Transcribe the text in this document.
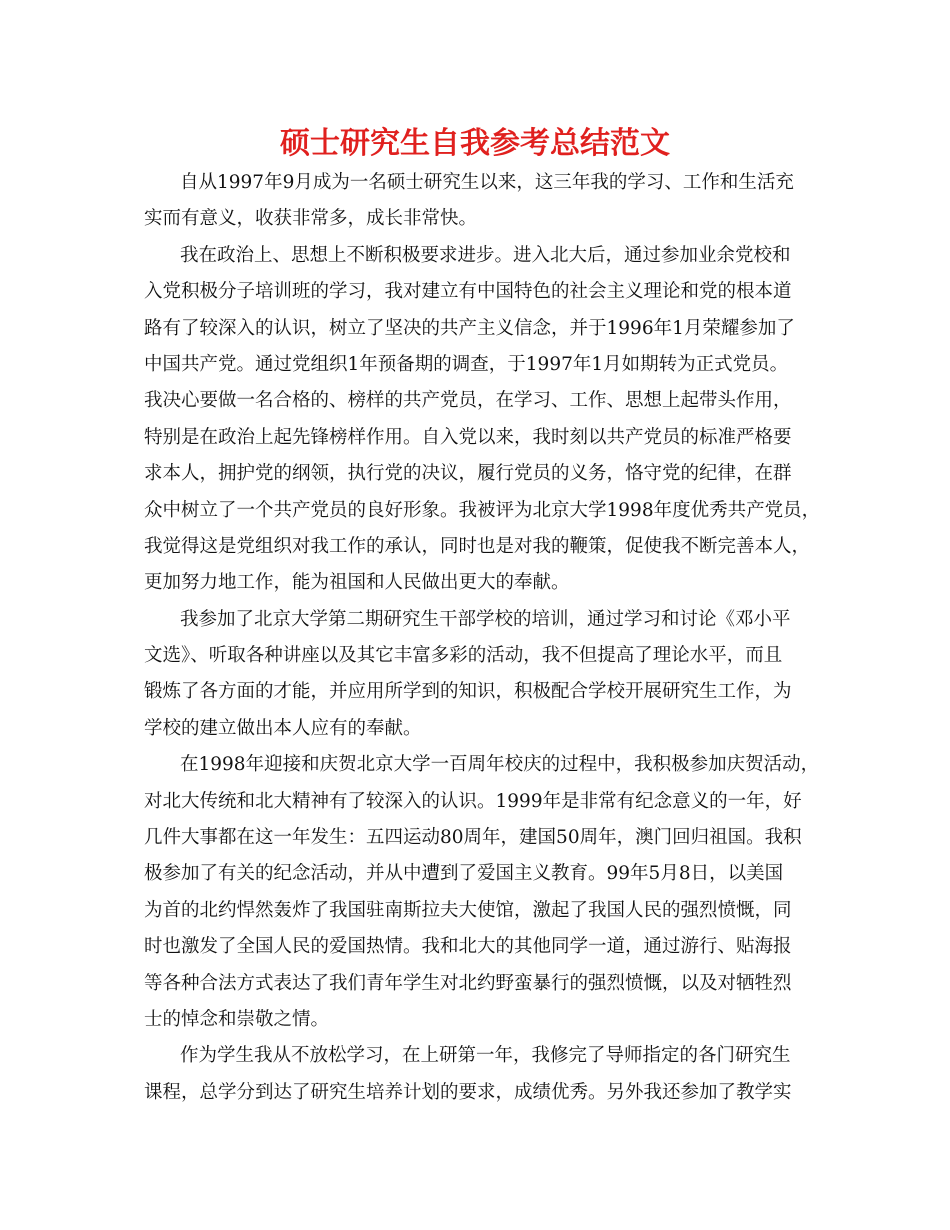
硕士研究生自我参考总结范文
自从1997年9月成为一名硕士研究生以来，这三年我的学习、工作和生活充
实而有意义，收获非常多，成长非常快。
我在政治上、思想上不断积极要求进步。进入北大后，通过参加业余党校和
入党积极分子培训班的学习，我对建立有中国特色的社会主义理论和党的根本道
路有了较深入的认识，树立了坚决的共产主义信念，并于1996年1月荣耀参加了
中国共产党。通过党组织1年预备期的调查，于1997年1月如期转为正式党员。
我决心要做一名合格的、榜样的共产党员，在学习、工作、思想上起带头作用，
特别是在政治上起先锋榜样作用。自入党以来，我时刻以共产党员的标准严格要
求本人，拥护党的纲领，执行党的决议，履行党员的义务，恪守党的纪律，在群
众中树立了一个共产党员的良好形象。我被评为北京大学1998年度优秀共产党员，
我觉得这是党组织对我工作的承认，同时也是对我的鞭策，促使我不断完善本人，
更加努力地工作，能为祖国和人民做出更大的奉献。
我参加了北京大学第二期研究生干部学校的培训，通过学习和讨论《邓小平
文选》、听取各种讲座以及其它丰富多彩的活动，我不但提高了理论水平，而且
锻炼了各方面的才能，并应用所学到的知识，积极配合学校开展研究生工作，为
学校的建立做出本人应有的奉献。
在1998年迎接和庆贺北京大学一百周年校庆的过程中，我积极参加庆贺活动，
对北大传统和北大精神有了较深入的认识。1999年是非常有纪念意义的一年，好
几件大事都在这一年发生：五四运动80周年，建国50周年，澳门回归祖国。我积
极参加了有关的纪念活动，并从中遭到了爱国主义教育。99年5月8日，以美国
为首的北约悍然轰炸了我国驻南斯拉夫大使馆，激起了我国人民的强烈愤慨，同
时也激发了全国人民的爱国热情。我和北大的其他同学一道，通过游行、贴海报
等各种合法方式表达了我们青年学生对北约野蛮暴行的强烈愤慨，以及对牺牲烈
士的悼念和崇敬之情。
作为学生我从不放松学习，在上研第一年，我修完了导师指定的各门研究生
课程，总学分到达了研究生培养计划的要求，成绩优秀。另外我还参加了教学实
